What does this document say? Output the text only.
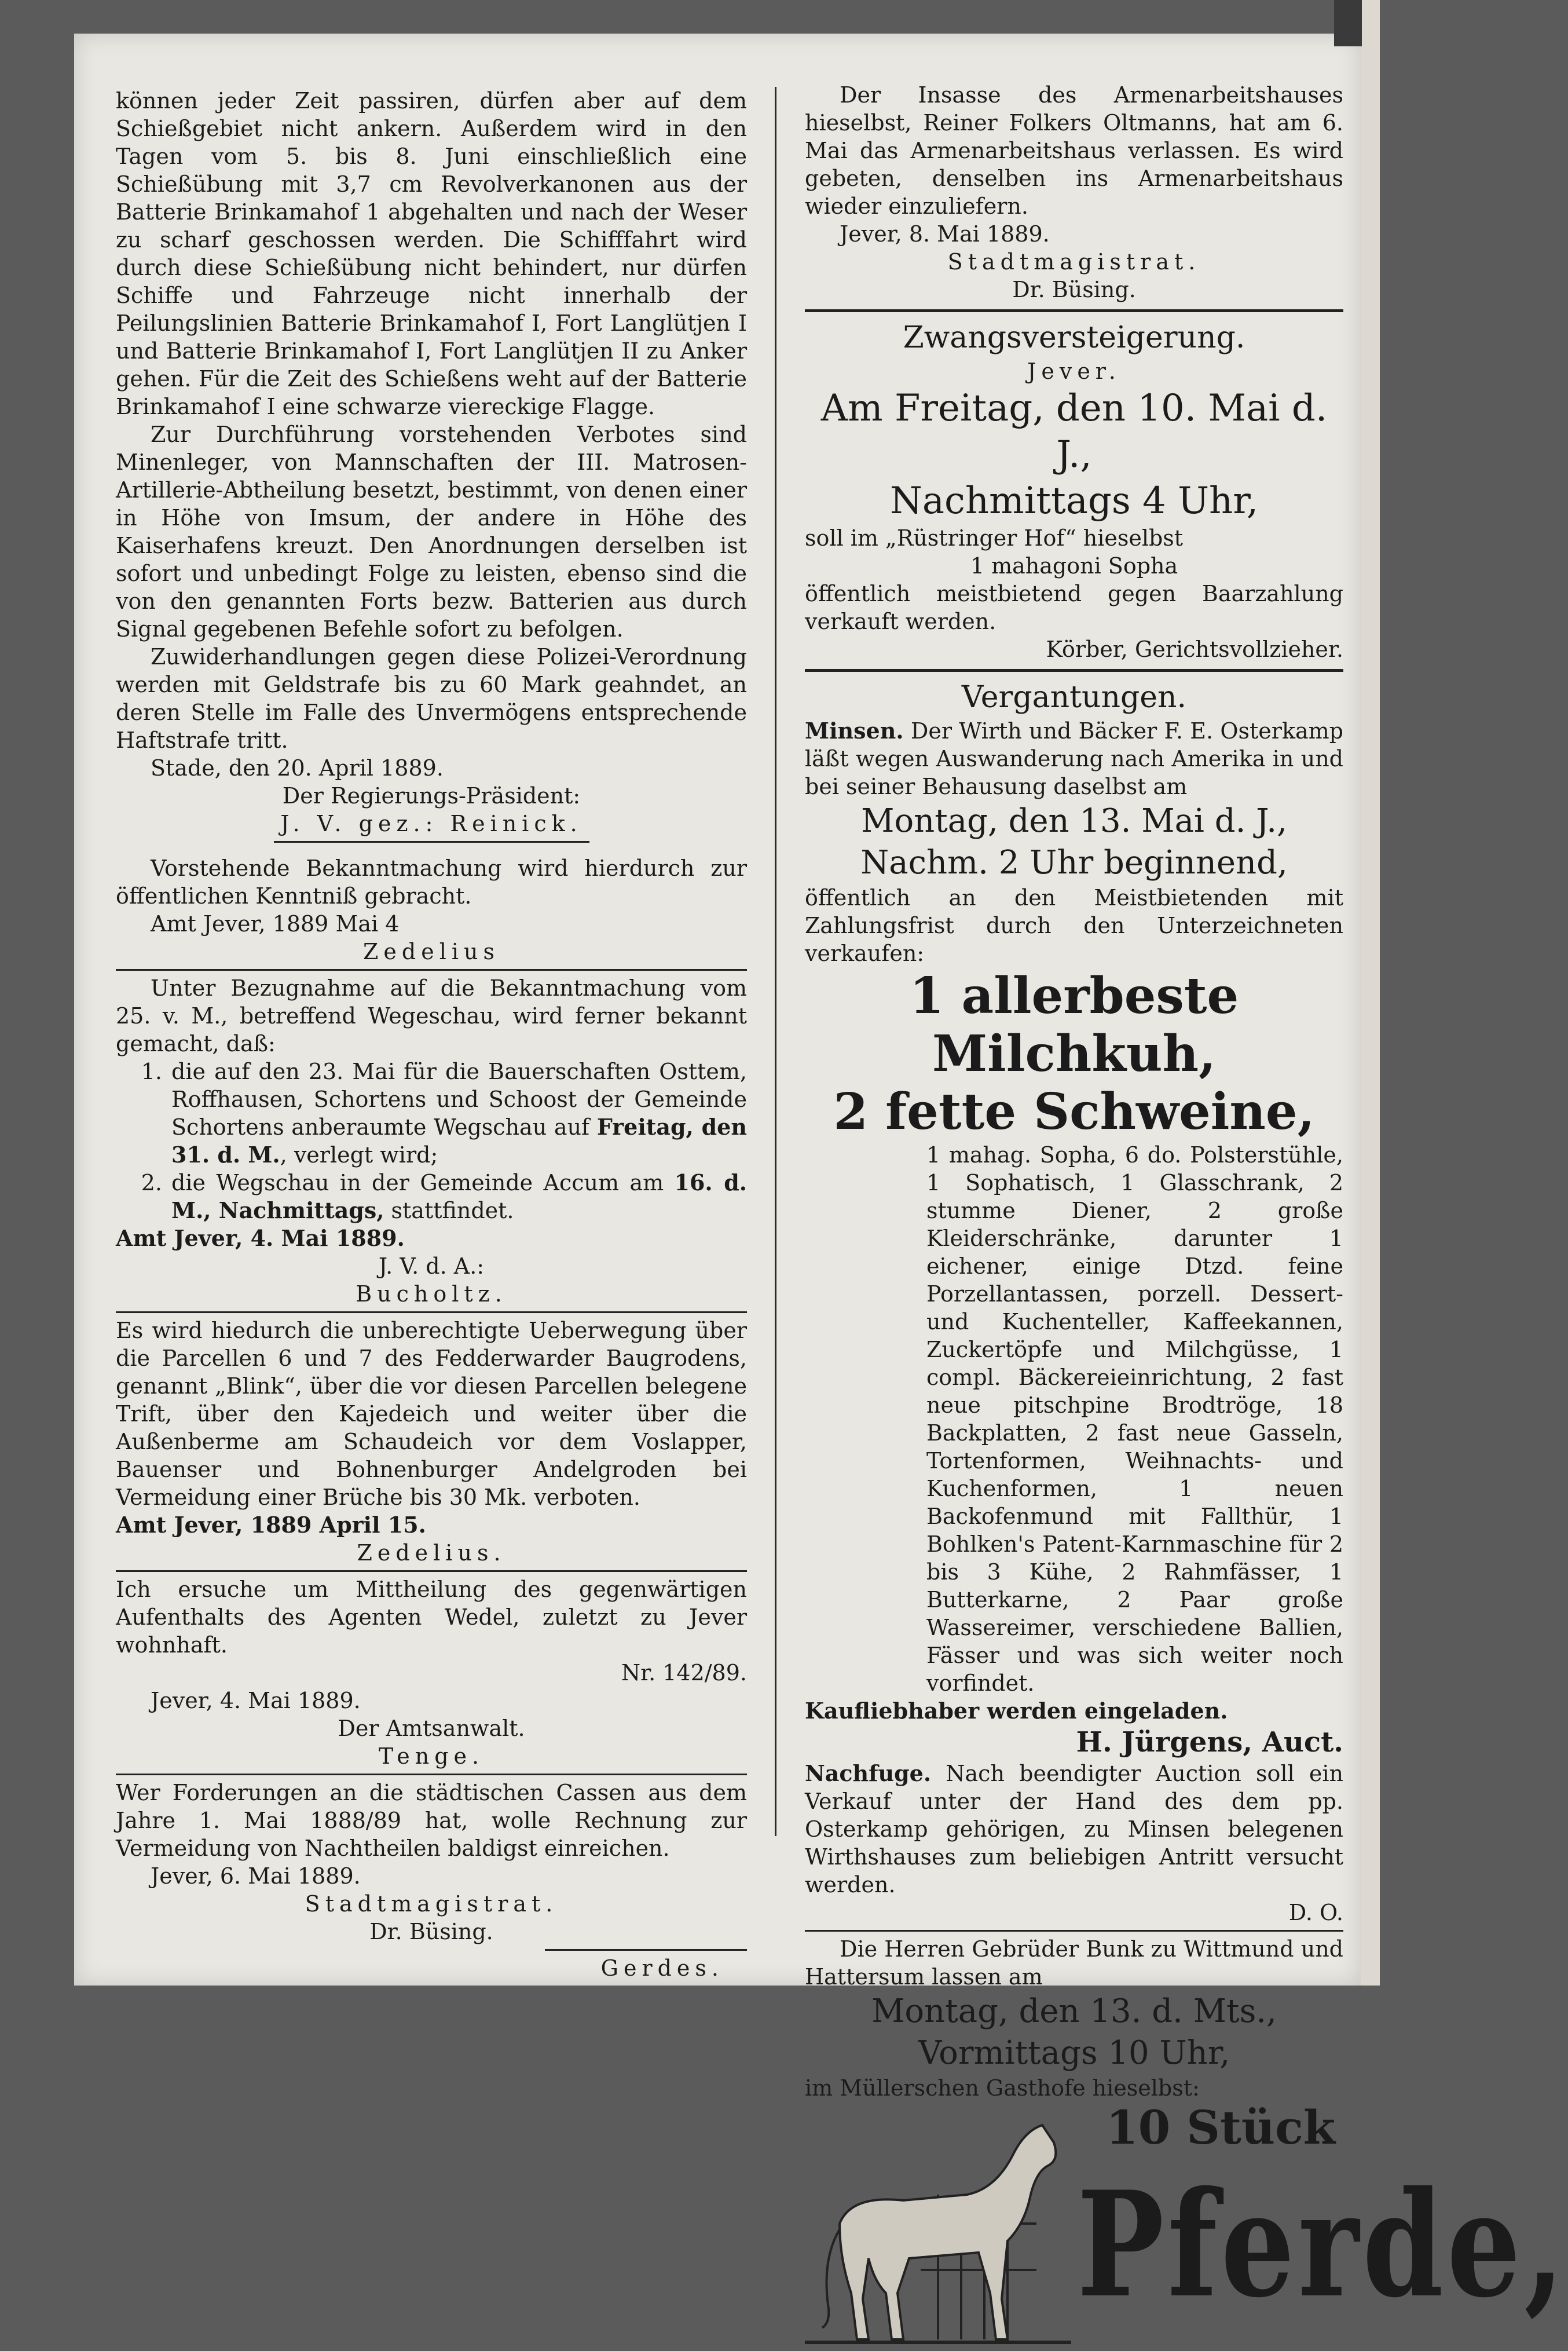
können jeder Zeit passiren, dürfen aber auf dem Schießgebiet nicht ankern. Außerdem wird in den Tagen vom 5. bis 8. Juni einschließlich eine Schießübung mit 3,7 cm Revolverkanonen aus der Batterie Brinkamahof 1 abgehalten und nach der Weser zu scharf geschossen werden. Die Schifffahrt wird durch diese Schießübung nicht behindert, nur dürfen Schiffe und Fahrzeuge nicht innerhalb der Peilungslinien Batterie Brinkamahof I, Fort Langlütjen I und Batterie Brinkamahof I, Fort Langlütjen II zu Anker gehen. Für die Zeit des Schießens weht auf der Batterie Brinkamahof I eine schwarze viereckige Flagge.

Zur Durchführung vorstehenden Verbotes sind Minenleger, von Mannschaften der III. Matrosen-Artillerie-Abtheilung besetzt, bestimmt, von denen einer in Höhe von Imsum, der andere in Höhe des Kaiserhafens kreuzt. Den Anordnungen derselben ist sofort und unbedingt Folge zu leisten, ebenso sind die von den genannten Forts bezw. Batterien aus durch Signal gegebenen Befehle sofort zu befolgen.

Zuwiderhandlungen gegen diese Polizei-Verordnung werden mit Geldstrafe bis zu 60 Mark geahndet, an deren Stelle im Falle des Unvermögens entsprechende Haftstrafe tritt.

Stade, den 20. April 1889.

Der Regierungs-Präsident:

J. V. gez.: Reinick.

Vorstehende Bekanntmachung wird hierdurch zur öffentlichen Kenntniß gebracht.

Amt Jever, 1889 Mai 4

Zedelius

Unter Bezugnahme auf die Bekanntmachung vom 25. v. M., betreffend Wegeschau, wird ferner bekannt gemacht, daß:

1. die auf den 23. Mai für die Bauerschaften Osttem, Roffhausen, Schortens und Schoost der Gemeinde Schortens anberaumte Wegschau auf Freitag, den 31. d. M., verlegt wird;

2. die Wegschau in der Gemeinde Accum am 16. d. M., Nachmittags, stattfindet.

Amt Jever, 4. Mai 1889.

J. V. d. A.:

Bucholtz.

Es wird hiedurch die unberechtigte Ueberwegung über die Parcellen 6 und 7 des Fedderwarder Baugrodens, genannt „Blink“, über die vor diesen Parcellen belegene Trift, über den Kajedeich und weiter über die Außenberme am Schaudeich vor dem Voslapper, Bauenser und Bohnenburger Andelgroden bei Vermeidung einer Brüche bis 30 Mk. verboten.

Amt Jever, 1889 April 15.

Zedelius.

Ich ersuche um Mittheilung des gegenwärtigen Aufenthalts des Agenten Wedel, zuletzt zu Jever wohnhaft.

Nr. 142/89.

Jever, 4. Mai 1889.

Der Amtsanwalt.

Tenge.

Wer Forderungen an die städtischen Cassen aus dem Jahre 1. Mai 1888/89 hat, wolle Rechnung zur Vermeidung von Nachtheilen baldigst einreichen.

Jever, 6. Mai 1889.

Stadtmagistrat.

Dr. Büsing.

Gerdes.

Der Insasse des Armenarbeitshauses hieselbst, Reiner Folkers Oltmanns, hat am 6. Mai das Armenarbeitshaus verlassen. Es wird gebeten, denselben ins Armenarbeitshaus wieder einzuliefern.

Jever, 8. Mai 1889.

Stadtmagistrat.

Dr. Büsing.

Zwangsversteigerung.

Jever.

Am Freitag, den 10. Mai d. J.,

Nachmittags 4 Uhr,

soll im „Rüstringer Hof“ hieselbst

1 mahagoni Sopha

öffentlich meistbietend gegen Baarzahlung verkauft werden.

Körber, Gerichtsvollzieher.

Vergantungen.

Minsen. Der Wirth und Bäcker F. E. Osterkamp läßt wegen Auswanderung nach Amerika in und bei seiner Behausung daselbst am

Montag, den 13. Mai d. J.,

Nachm. 2 Uhr beginnend,

öffentlich an den Meistbietenden mit Zahlungsfrist durch den Unterzeichneten verkaufen:

1 allerbeste Milchkuh,

2 fette Schweine,

1 mahag. Sopha, 6 do. Polsterstühle, 1 Sophatisch, 1 Glasschrank, 2 stumme Diener, 2 große Kleiderschränke, darunter 1 eichener, einige Dtzd. feine Porzellantassen, porzell. Dessert- und Kuchenteller, Kaffeekannen, Zuckertöpfe und Milchgüsse, 1 compl. Bäckereieinrichtung, 2 fast neue pitschpine Brodtröge, 18 Backplatten, 2 fast neue Gasseln, Tortenformen, Weihnachts- und Kuchenformen, 1 neuen Backofenmund mit Fallthür, 1 Bohlken's Patent-Karnmaschine für 2 bis 3 Kühe, 2 Rahmfässer, 1 Butterkarne, 2 Paar große Wassereimer, verschiedene Ballien, Fässer und was sich weiter noch vorfindet.

Kaufliebhaber werden eingeladen.

H. Jürgens, Auct.

Nachfuge. Nach beendigter Auction soll ein Verkauf unter der Hand des dem pp. Osterkamp gehörigen, zu Minsen belegenen Wirthshauses zum beliebigen Antritt versucht werden.

D. O.

Die Herren Gebrüder Bunk zu Wittmund und Hattersum lassen am

Montag, den 13. d. Mts.,

Vormittags 10 Uhr,

im Müllerschen Gasthofe hieselbst:

10 Stück
Pferde,
